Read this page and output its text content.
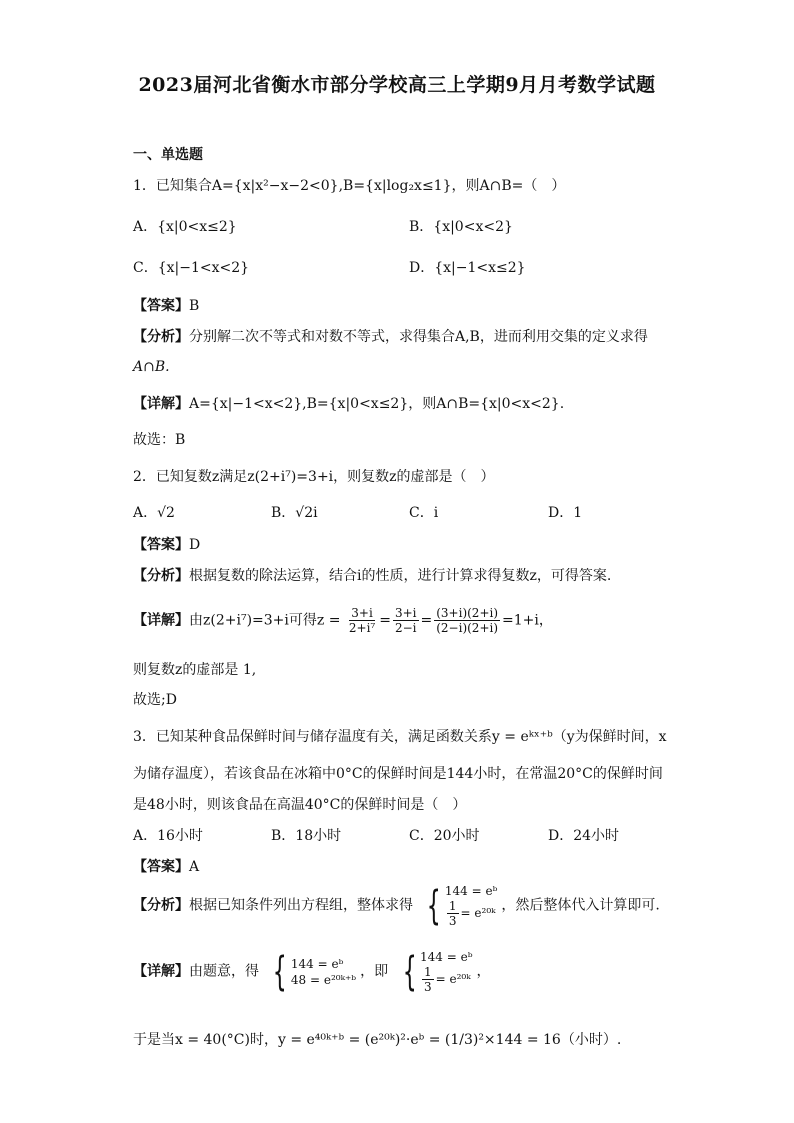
2023届河北省衡水市部分学校高三上学期9月月考数学试题
一、单选题
1．已知集合A={x|x²−x−2<0},B={x|log₂x≤1}，则A∩B=（　）
A．{x|0<x≤2}	B．{x|0<x<2}
C．{x|−1<x<2}	D．{x|−1<x≤2}
【答案】B
【分析】分别解二次不等式和对数不等式，求得集合A,B，进而利用交集的定义求得
A∩B.
【详解】A={x|−1<x<2},B={x|0<x≤2}，则A∩B={x|0<x<2}.
故选：B
2．已知复数z满足z(2+i⁷)=3+i，则复数z的虚部是（　）
A．√2	B．√2i	C．i	D．1
【答案】D
【分析】根据复数的除法运算，结合i的性质，进行计算求得复数z，可得答案.
【详解】由z(2+i⁷)=3+i可得$z = \frac{3+i}{\text{2+i⁷}} = \frac{3+i}{2-i} = \frac{(3+i)(2+i)}{(2-i)(2+i)} =1+i$，
则复数z的虚部是 1,
故选;D
3．已知某种食品保鲜时间与储存温度有关，满足函数关系y = eᵏˣ⁺ᵇ（y为保鲜时间，x
为储存温度），若该食品在冰箱中0°C的保鲜时间是144小时，在常温20°C的保鲜时间
是48小时，则该食品在高温40°C的保鲜时间是（　）
A．16小时	B．18小时	C．20小时	D．24小时
【答案】A
【分析】根据已知条件列出方程组，整体求得 { 144 = eᵇ
$\frac{1}{3}$ = e²⁰ᵏ ，然后整体代入计算即可.
【详解】由题意，得 { 144 = eᵇ
48 = e²⁰ᵏ⁺ᵇ ，即 { 144 = eᵇ
$\frac{1}{3}$ = e²⁰ᵏ ，
于是当x = 40(°C)时，y = e⁴⁰ᵏ⁺ᵇ = (e²⁰ᵏ)²·eᵇ = (1/3)²×144 = 16（小时）.
